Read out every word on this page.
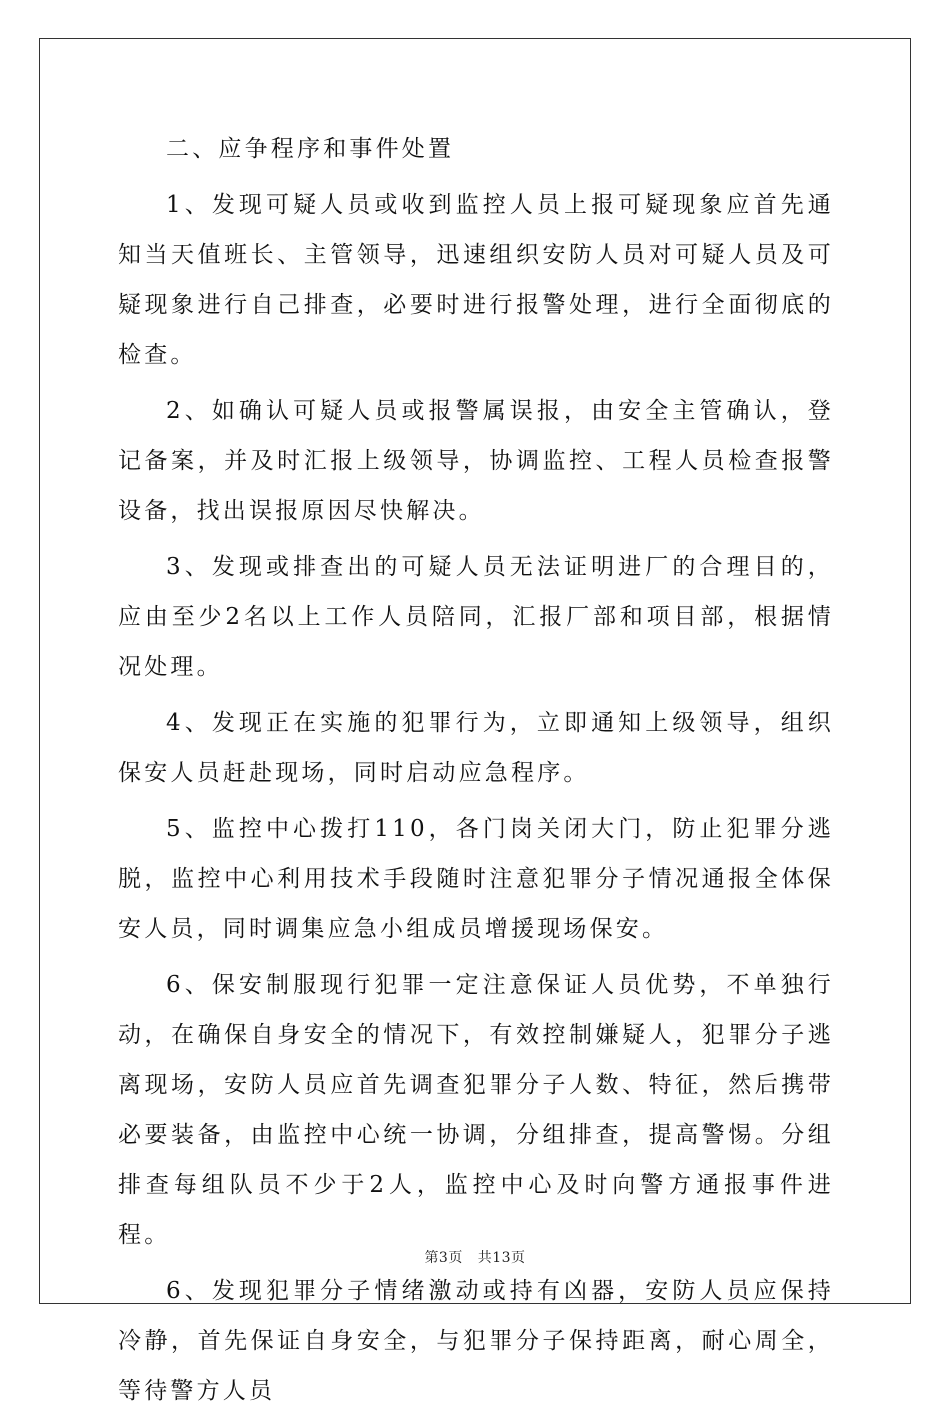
二、应争程序和事件处置

1、发现可疑人员或收到监控人员上报可疑现象应首先通知当天值班长、主管领导，迅速组织安防人员对可疑人员及可疑现象进行自己排查，必要时进行报警处理，进行全面彻底的检查。

2、如确认可疑人员或报警属误报，由安全主管确认，登记备案，并及时汇报上级领导，协调监控、工程人员检查报警设备，找出误报原因尽快解决。

3、发现或排查出的可疑人员无法证明进厂的合理目的，应由至少2名以上工作人员陪同，汇报厂部和项目部，根据情况处理。

4、发现正在实施的犯罪行为，立即通知上级领导，组织保安人员赶赴现场，同时启动应急程序。

5、监控中心拨打110，各门岗关闭大门，防止犯罪分逃脱，监控中心利用技术手段随时注意犯罪分子情况通报全体保安人员，同时调集应急小组成员增援现场保安。

6、保安制服现行犯罪一定注意保证人员优势，不单独行动，在确保自身安全的情况下，有效控制嫌疑人，犯罪分子逃离现场，安防人员应首先调查犯罪分子人数、特征，然后携带必要装备，由监控中心统一协调，分组排查，提高警惕。分组排查每组队员不少于2人，监控中心及时向警方通报事件进程。

6、发现犯罪分子情绪激动或持有凶器，安防人员应保持冷静，首先保证自身安全，与犯罪分子保持距离，耐心周全，等待警方人员

第3页 共13页
